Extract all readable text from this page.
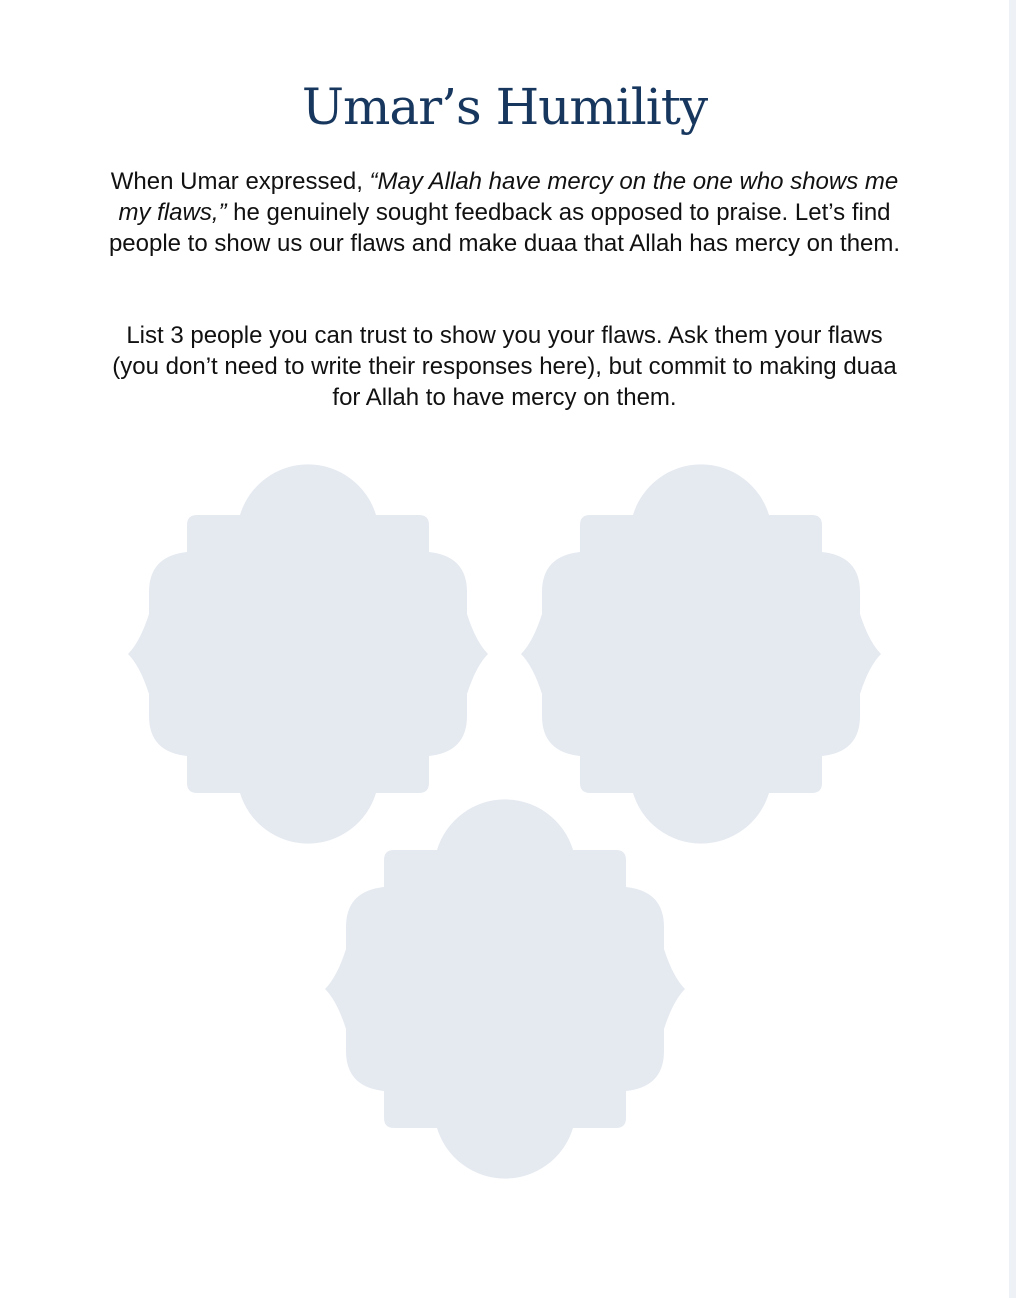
Umar’s Humility

When Umar expressed, “May Allah have mercy on the one who shows me my flaws,” he genuinely sought feedback as opposed to praise. Let’s find people to show us our flaws and make duaa that Allah has mercy on them.

List 3 people you can trust to show you your flaws. Ask them your flaws (you don’t need to write their responses here), but commit to making duaa for Allah to have mercy on them.
